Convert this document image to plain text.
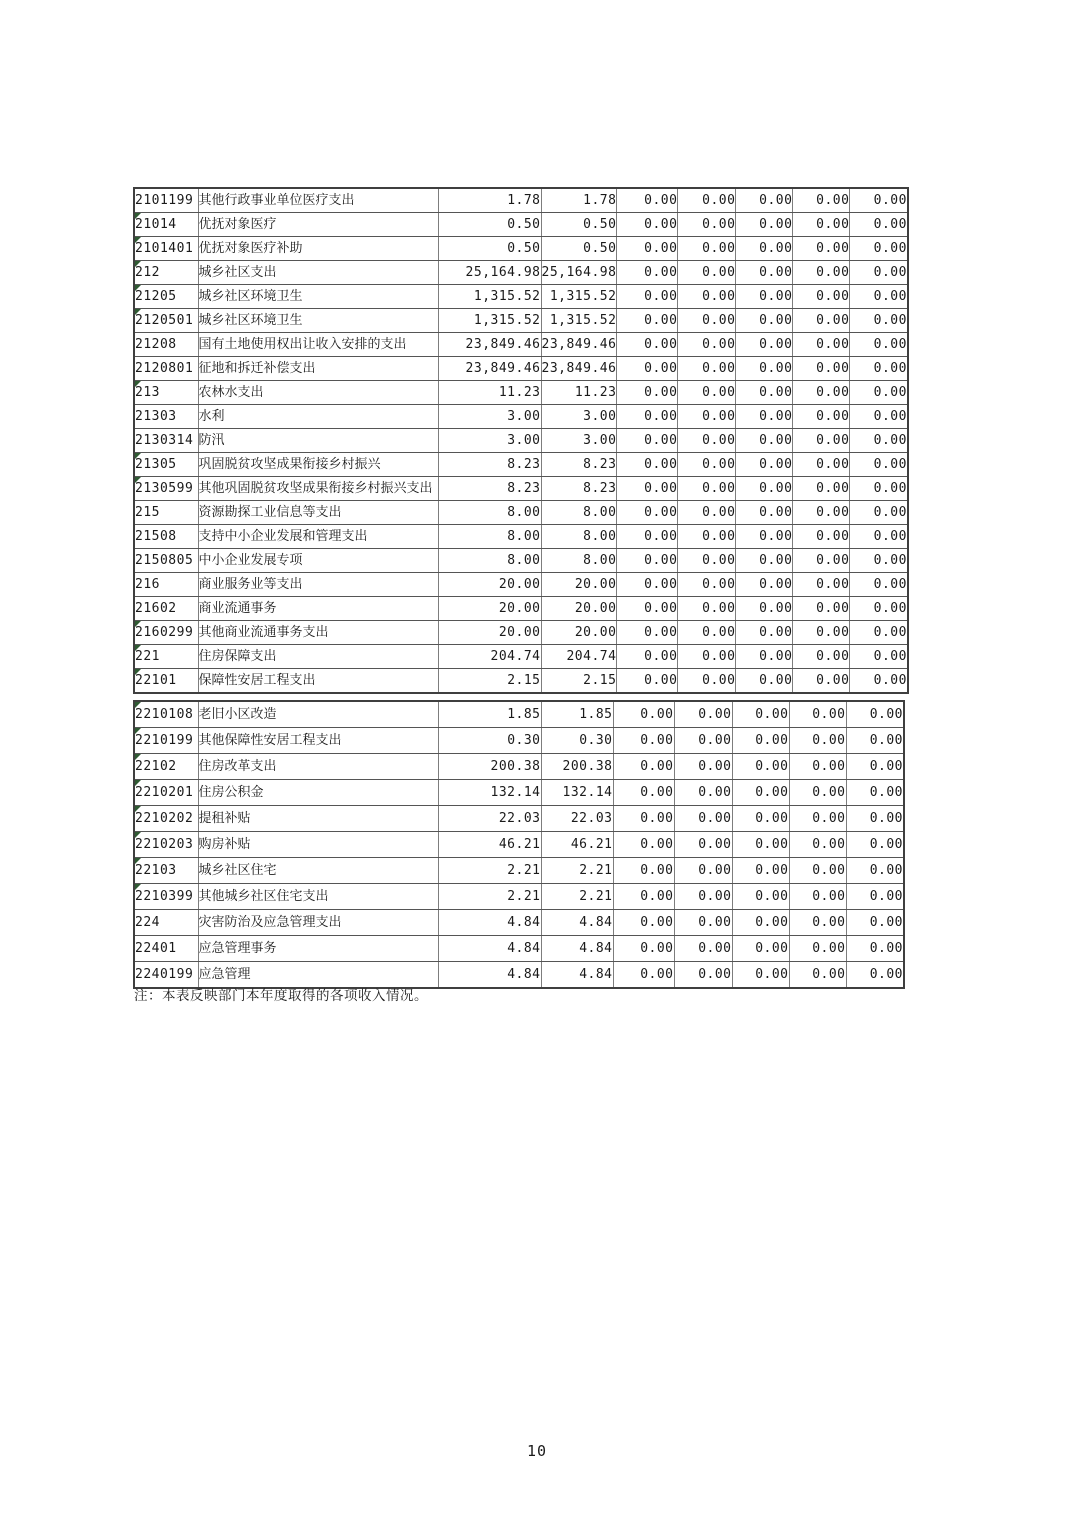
2101199	其他行政事业单位医疗支出	1.78	1.78	0.00	0.00	0.00	0.00	0.00
21014	优抚对象医疗	0.50	0.50	0.00	0.00	0.00	0.00	0.00
2101401	优抚对象医疗补助	0.50	0.50	0.00	0.00	0.00	0.00	0.00
212	城乡社区支出	25,164.98	25,164.98	0.00	0.00	0.00	0.00	0.00
21205	城乡社区环境卫生	1,315.52	1,315.52	0.00	0.00	0.00	0.00	0.00
2120501	城乡社区环境卫生	1,315.52	1,315.52	0.00	0.00	0.00	0.00	0.00
21208	国有土地使用权出让收入安排的支出	23,849.46	23,849.46	0.00	0.00	0.00	0.00	0.00
2120801	征地和拆迁补偿支出	23,849.46	23,849.46	0.00	0.00	0.00	0.00	0.00
213	农林水支出	11.23	11.23	0.00	0.00	0.00	0.00	0.00
21303	水利	3.00	3.00	0.00	0.00	0.00	0.00	0.00
2130314	防汛	3.00	3.00	0.00	0.00	0.00	0.00	0.00
21305	巩固脱贫攻坚成果衔接乡村振兴	8.23	8.23	0.00	0.00	0.00	0.00	0.00
2130599	其他巩固脱贫攻坚成果衔接乡村振兴支出	8.23	8.23	0.00	0.00	0.00	0.00	0.00
215	资源勘探工业信息等支出	8.00	8.00	0.00	0.00	0.00	0.00	0.00
21508	支持中小企业发展和管理支出	8.00	8.00	0.00	0.00	0.00	0.00	0.00
2150805	中小企业发展专项	8.00	8.00	0.00	0.00	0.00	0.00	0.00
216	商业服务业等支出	20.00	20.00	0.00	0.00	0.00	0.00	0.00
21602	商业流通事务	20.00	20.00	0.00	0.00	0.00	0.00	0.00
2160299	其他商业流通事务支出	20.00	20.00	0.00	0.00	0.00	0.00	0.00
221	住房保障支出	204.74	204.74	0.00	0.00	0.00	0.00	0.00
22101	保障性安居工程支出	2.15	2.15	0.00	0.00	0.00	0.00	0.00
2210108	老旧小区改造	1.85	1.85	0.00	0.00	0.00	0.00	0.00
2210199	其他保障性安居工程支出	0.30	0.30	0.00	0.00	0.00	0.00	0.00
22102	住房改革支出	200.38	200.38	0.00	0.00	0.00	0.00	0.00
2210201	住房公积金	132.14	132.14	0.00	0.00	0.00	0.00	0.00
2210202	提租补贴	22.03	22.03	0.00	0.00	0.00	0.00	0.00
2210203	购房补贴	46.21	46.21	0.00	0.00	0.00	0.00	0.00
22103	城乡社区住宅	2.21	2.21	0.00	0.00	0.00	0.00	0.00
2210399	其他城乡社区住宅支出	2.21	2.21	0.00	0.00	0.00	0.00	0.00
224	灾害防治及应急管理支出	4.84	4.84	0.00	0.00	0.00	0.00	0.00
22401	应急管理事务	4.84	4.84	0.00	0.00	0.00	0.00	0.00
2240199	应急管理	4.84	4.84	0.00	0.00	0.00	0.00	0.00
注：本表反映部门本年度取得的各项收入情况。
10
